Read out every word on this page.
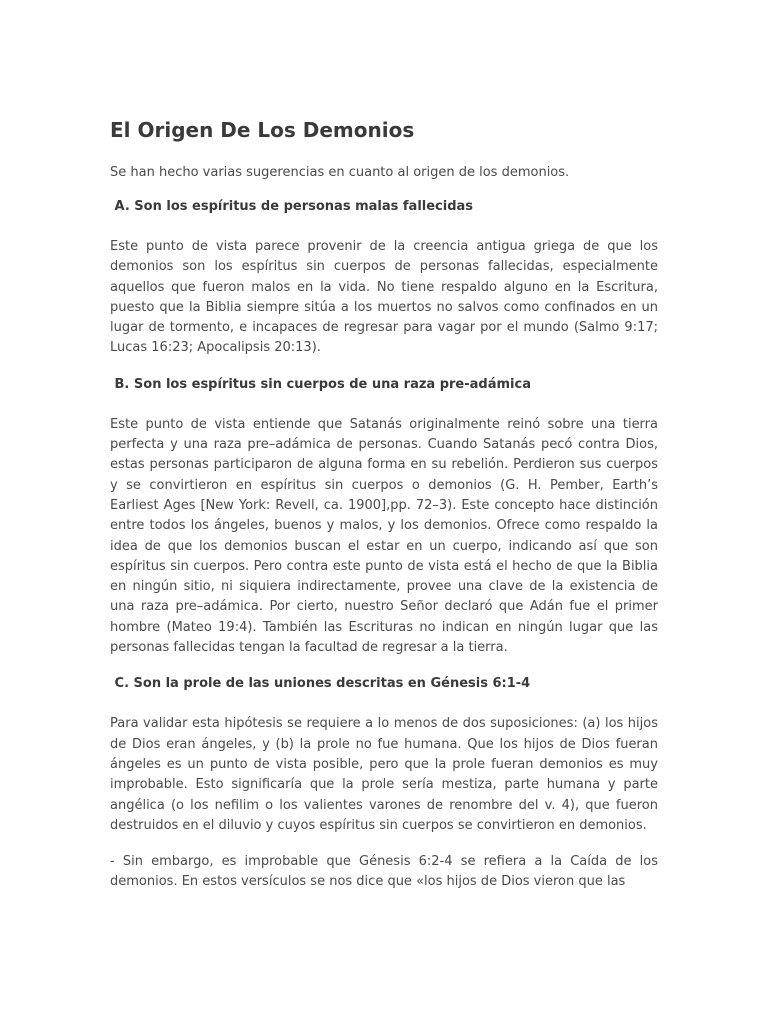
El Origen De Los Demonios

Se han hecho varias sugerencias en cuanto al origen de los demonios.

A. Son los espíritus de personas malas fallecidas

Este punto de vista parece provenir de la creencia antigua griega de que los demonios son los espíritus sin cuerpos de personas fallecidas, especialmente aquellos que fueron malos en la vida. No tiene respaldo alguno en la Escritura, puesto que la Biblia siempre sitúa a los muertos no salvos como confinados en un lugar de tormento, e incapaces de regresar para vagar por el mundo (Salmo 9:17; Lucas 16:23; Apocalipsis 20:13).

B. Son los espíritus sin cuerpos de una raza pre-adámica

Este punto de vista entiende que Satanás originalmente reinó sobre una tierra perfecta y una raza pre–adámica de personas. Cuando Satanás pecó contra Dios, estas personas participaron de alguna forma en su rebelión. Perdieron sus cuerpos y se convirtieron en espíritus sin cuerpos o demonios (G. H. Pember, Earth’s Earliest Ages [New York: Revell, ca. 1900],pp. 72–3). Este concepto hace distinción entre todos los ángeles, buenos y malos, y los demonios. Ofrece como respaldo la idea de que los demonios buscan el estar en un cuerpo, indicando así que son espíritus sin cuerpos. Pero contra este punto de vista está el hecho de que la Biblia en ningún sitio, ni siquiera indirectamente, provee una clave de la existencia de una raza pre–adámica. Por cierto, nuestro Señor declaró que Adán fue el primer hombre (Mateo 19:4). También las Escrituras no indican en ningún lugar que las personas fallecidas tengan la facultad de regresar a la tierra.

C. Son la prole de las uniones descritas en Génesis 6:1-4

Para validar esta hipótesis se requiere a lo menos de dos suposiciones: (a) los hijos de Dios eran ángeles, y (b) la prole no fue humana. Que los hijos de Dios fueran ángeles es un punto de vista posible, pero que la prole fueran demonios es muy improbable. Esto significaría que la prole sería mestiza, parte humana y parte angélica (o los nefilim o los valientes varones de renombre del v. 4), que fueron destruidos en el diluvio y cuyos espíritus sin cuerpos se convirtieron en demonios.

- Sin embargo, es improbable que Génesis 6:2-4 se refiera a la Caída de los demonios. En estos versículos se nos dice que «los hijos de Dios vieron que las
